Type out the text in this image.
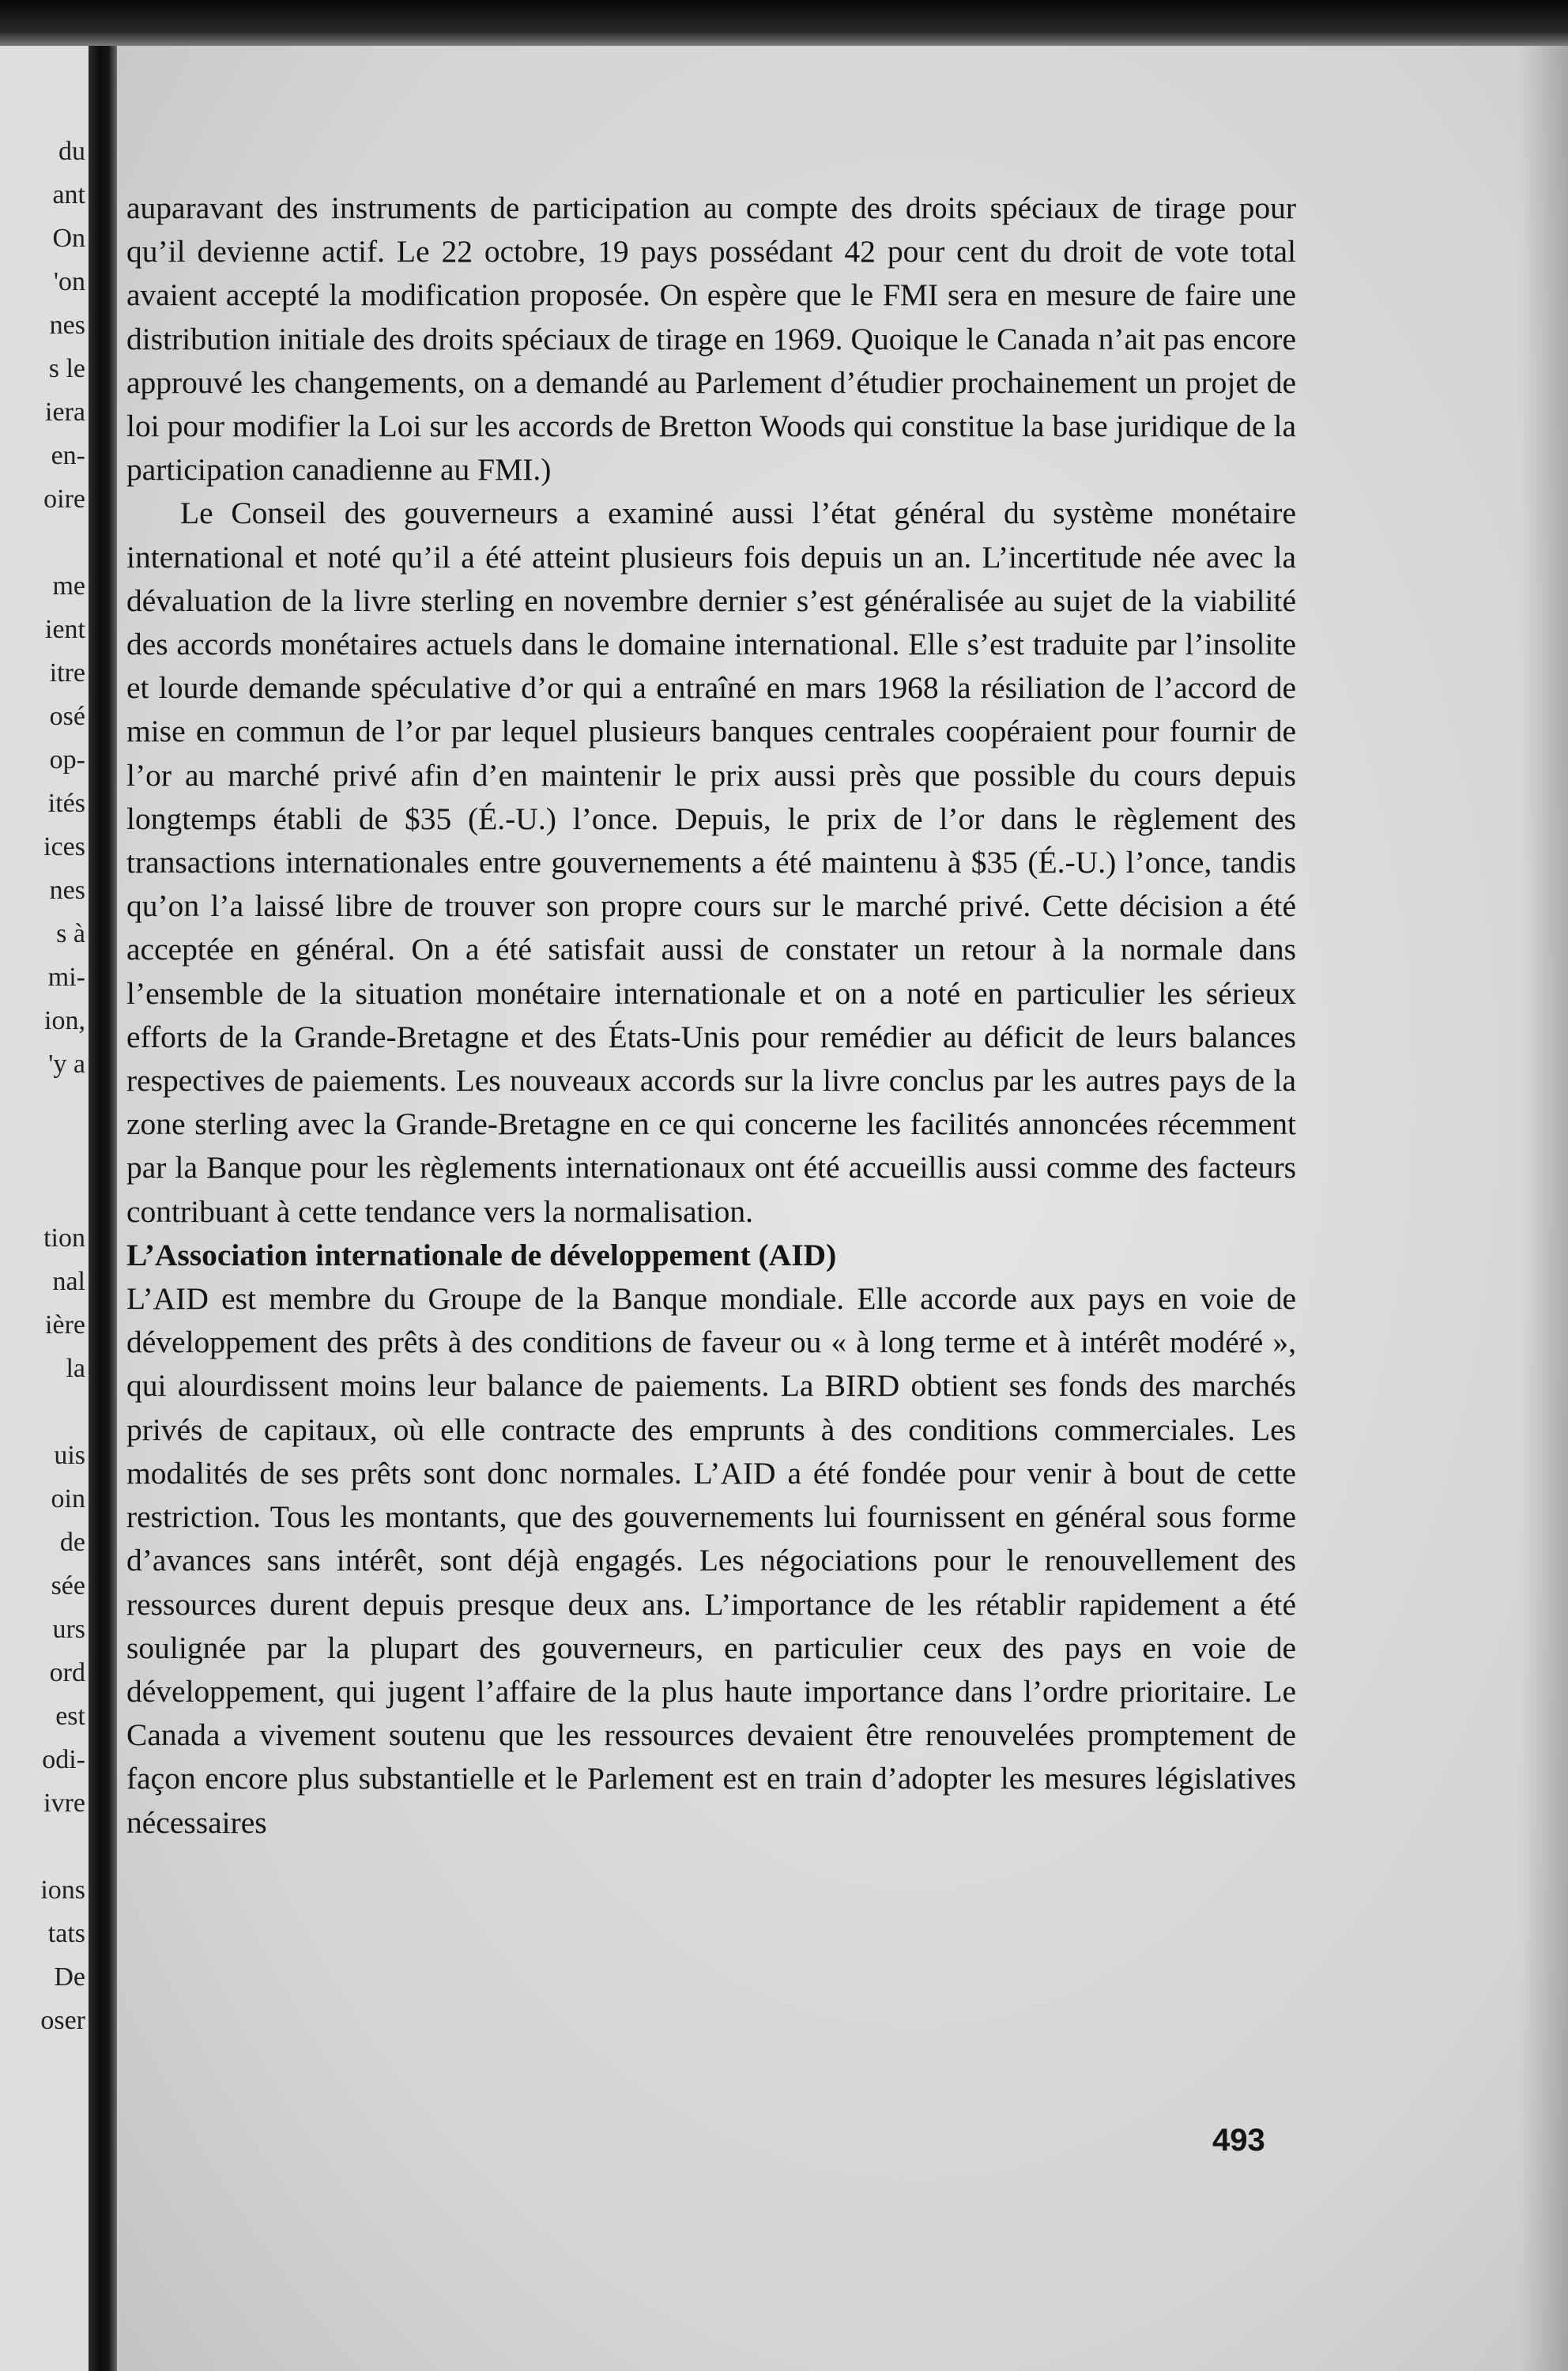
du
ant
On
'on
nes
s le
iera
en-
oire
me
ient
itre
osé
op-
ités
ices
nes
s à
mi-
ion,
'y a
tion
nal
ière
la
uis
oin
de
sée
urs
ord
est
odi-
ivre
ions
tats
De
oser

auparavant des instruments de participation au compte des droits spéciaux de tirage pour qu’il devienne actif. Le 22 octobre, 19 pays possédant 42 pour cent du droit de vote total avaient accepté la modification proposée. On espère que le FMI sera en mesure de faire une distribution initiale des droits spéciaux de tirage en 1969. Quoique le Canada n’ait pas encore approuvé les changements, on a demandé au Parlement d’étudier prochainement un projet de loi pour modifier la Loi sur les accords de Bretton Woods qui constitue la base juridique de la participation canadienne au FMI.)

Le Conseil des gouverneurs a examiné aussi l’état général du système monétaire international et noté qu’il a été atteint plusieurs fois depuis un an. L’incertitude née avec la dévaluation de la livre sterling en novembre dernier s’est généralisée au sujet de la viabilité des accords monétaires actuels dans le domaine international. Elle s’est traduite par l’insolite et lourde demande spéculative d’or qui a entraîné en mars 1968 la résiliation de l’accord de mise en commun de l’or par lequel plusieurs banques centrales coopéraient pour fournir de l’or au marché privé afin d’en maintenir le prix aussi près que possible du cours depuis longtemps établi de $35 (É.-U.) l’once. Depuis, le prix de l’or dans le règlement des transactions internationales entre gouvernements a été maintenu à $35 (É.-U.) l’once, tandis qu’on l’a laissé libre de trouver son propre cours sur le marché privé. Cette décision a été acceptée en général. On a été satisfait aussi de constater un retour à la normale dans l’ensemble de la situation monétaire internationale et on a noté en particulier les sérieux efforts de la Grande-Bretagne et des États-Unis pour remédier au déficit de leurs balances respectives de paiements. Les nouveaux accords sur la livre conclus par les autres pays de la zone sterling avec la Grande-Bretagne en ce qui concerne les facilités annoncées récemment par la Banque pour les règlements internationaux ont été accueillis aussi comme des facteurs contribuant à cette tendance vers la normalisation.

L’Association internationale de développement (AID)

L’AID est membre du Groupe de la Banque mondiale. Elle accorde aux pays en voie de développement des prêts à des conditions de faveur ou « à long terme et à intérêt modéré », qui alourdissent moins leur balance de paiements. La BIRD obtient ses fonds des marchés privés de capitaux, où elle contracte des emprunts à des conditions commerciales. Les modalités de ses prêts sont donc normales. L’AID a été fondée pour venir à bout de cette restriction. Tous les montants, que des gouvernements lui fournissent en général sous forme d’avances sans intérêt, sont déjà engagés. Les négociations pour le renouvellement des ressources durent depuis presque deux ans. L’importance de les rétablir rapidement a été soulignée par la plupart des gouverneurs, en particulier ceux des pays en voie de développement, qui jugent l’affaire de la plus haute importance dans l’ordre prioritaire. Le Canada a vivement soutenu que les ressources devaient être renouvelées promptement de façon encore plus substantielle et le Parlement est en train d’adopter les mesures législatives nécessaires

493
